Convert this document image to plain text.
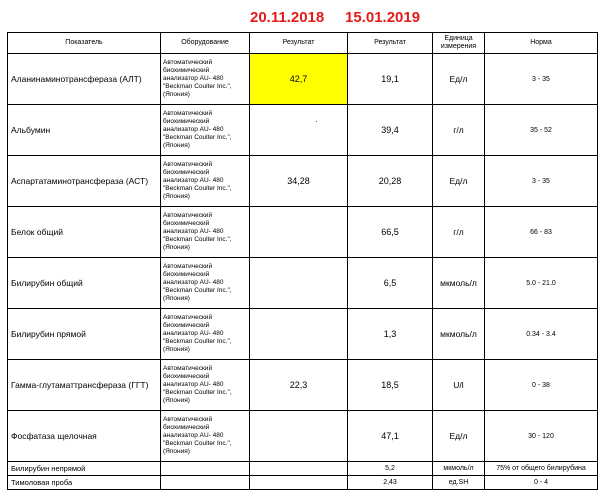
20.11.2018 15.01.2019
Показатель	Оборудование	Результат	Результат	Единица измерения	Норма
Аланинаминотрансфераза (АЛТ)	Автоматический
биохимический
анализатор AU- 480
"Beckman Coulter Inc.",
(Япония)	42,7	19,1	Ед/л	3 - 35
Альбумин	Автоматический
биохимический
анализатор AU- 480
"Beckman Coulter Inc.",
(Япония)		39,4	г/л	35 - 52
Аспартатаминотрансфераза (АСТ)	Автоматический
биохимический
анализатор AU- 480
"Beckman Coulter Inc.",
(Япония)	34,28	20,28	Ед/л	3 - 35
Белок общий	Автоматический
биохимический
анализатор AU- 480
"Beckman Coulter Inc.",
(Япония)		66,5	г/л	66 - 83
Билирубин общий	Автоматический
биохимический
анализатор AU- 480
"Beckman Coulter Inc.",
(Япония)		6,5	мкмоль/л	5.0 - 21.0
Билирубин прямой	Автоматический
биохимический
анализатор AU- 480
"Beckman Coulter Inc.",
(Япония)		1,3	мкмоль/л	0.34 - 3.4
Гамма-глутаматтрансфераза (ГГТ)	Автоматический
биохимический
анализатор AU- 480
"Beckman Coulter Inc.",
(Япония)	22,3	18,5	U/l	0 - 38
Фосфатаза щелочная	Автоматический
биохимический
анализатор AU- 480
"Beckman Coulter Inc.",
(Япония)		47,1	Ед/л	30 - 120
Билирубин непрямой			5,2	мкмоль/л	75% от общего билирубина
Тимоловая проба			2,43	ед.SH	0 - 4
